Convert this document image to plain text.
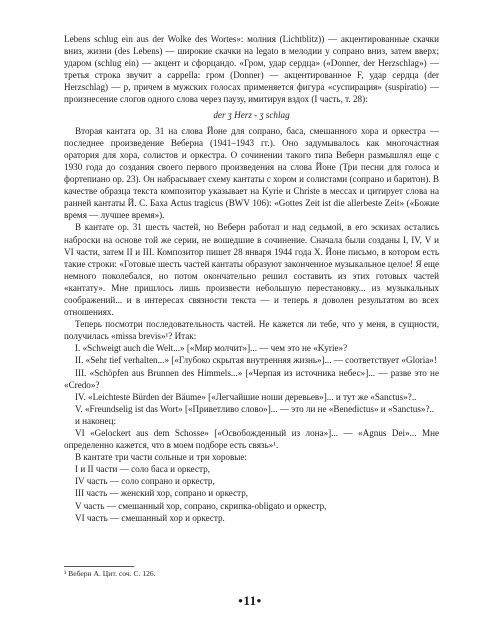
Lebens schlug ein aus der Wolke des Wortes»: молния (Lichtblitz)) — акцентированные скачки вниз, жизни (des Lebens) — широкие скачки на legato в мелодии у сопрано вниз, затем вверх; ударом (schlug ein) — акцент и сфорцандо. «Гром, удар сердца» («Donner, der Herzschlag») — третья строка звучит a cappella: гром (Donner) — акцентированное F, удар сердца (der Herzschlag) — p, причем в мужских голосах применяется фигура «суспирация» (suspiratio) — произнесение слогов одного слова через паузу, имитируя вздох (I часть, т. 28):

der ʒ Herz - ʒ schlag

Вторая кантата ор. 31 на слова Йоне для сопрано, баса, смешанного хора и оркестра — последнее произведение Веберна (1941–1943 гг.). Оно задумывалось как многочастная оратория для хора, солистов и оркестра. О сочинении такого типа Веберн размышлял еще с 1930 года до создания своего первого произведения на слова Йоне (Три песни для голоса и фортепиано ор. 23). Он набрасывает схему кантаты с хором и солистами (сопрано и баритон). В качестве образца текста композитор указывает на Kyrie и Christe в мессах и цитирует слова на ранней кантаты Й. С. Баха Actus tragicus (BWV 106): «Gottes Zeit ist die allerbeste Zeit» («Божие время — лучшее время»).

В кантате ор. 31 шесть частей, но Веберн работал и над седьмой, в его эскизах остались наброски на основе той же серии, не вошедшие в сочинение. Сначала были созданы I, IV, V и VI части, затем II и III. Композитор пишет 28 января 1944 года Х. Йоне письмо, в котором есть такие строки: «Готовые шесть частей кантаты образуют законченное музыкальное целое! Я еще немного поколебался, но потом окончательно решил составить из этих готовых частей «кантату». Мне пришлось лишь произвести небольшую перестановку... из музыкальных соображений... и в интересах связности текста — и теперь я доволен результатом во всех отношениях.

Теперь посмотри последовательность частей. Не кажется ли тебе, что у меня, в сущности, получилась «missa brevis»¹? Итак:

I. «Schweigt auch die Welt...» [«Мир молчит»]... — чем это не «Kyrie»?

II. «Sehr tief verhalten...» [«Глубоко скрытая внутренняя жизнь»]... — соответствует «Gloria»!

III. «Schöpfen aus Brunnen des Himmels...» [«Черпая из источника небес»]... — разве это не «Credo»?

IV. «Leichteste Bürden der Bäume» [«Легчайшие ноши деревьев»]... и тут же «Sanctus»?..

V. «Freundselig ist das Wort» [«Приветливо слово»]... — это ли не «Benedictus» и «Sanctus»?..

и наконец:

VI «Gelockert aus dem Schosse» [«Освобожденный из лона»]... — «Agnus Dei»... Мне определенно кажется, что в моем подборе есть связь»¹.

В кантате три части сольные и три хоровые:

I и II части — соло баса и оркестр,

IV часть — соло сопрано и оркестр,

III часть — женский хор, сопрано и оркестр,

V часть — смешанный хор, сопрано, скрипка-obligato и оркестр,

VI часть — смешанный хор и оркестр.

¹ Веберн А. Цит. соч. С. 126.
•11•
